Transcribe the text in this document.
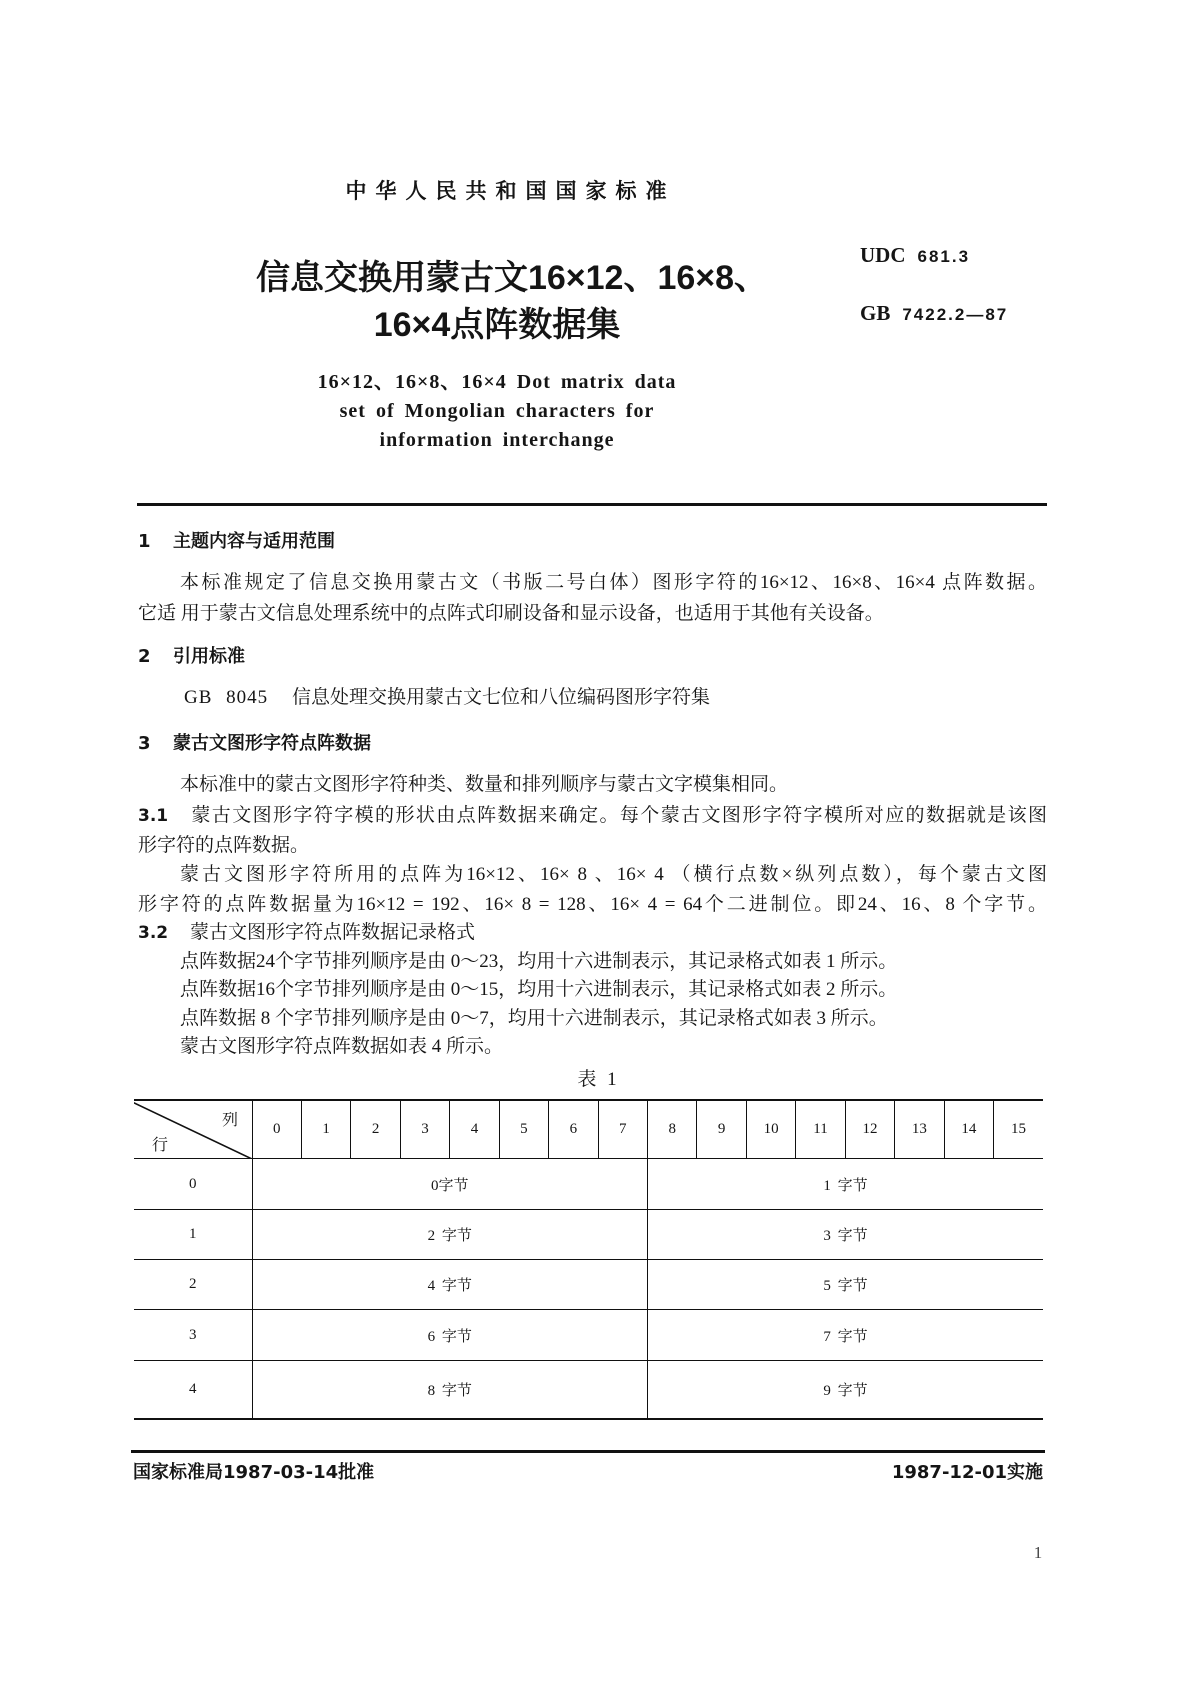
中华人民共和国国家标准
信息交换用蒙古文16×12、16×8、
16×4点阵数据集
UDC 681.3
GB 7422.2—87
16×12、16×8、16×4 Dot matrix data
set of Mongolian characters for
information interchange
1 主题内容与适用范围
本标准规定了信息交换用蒙古文（书版二号白体）图形字符的16×12、16×8、16×4 点阵数据。
它适 用于蒙古文信息处理系统中的点阵式印刷设备和显示设备，也适用于其他有关设备。
2 引用标准
GB 8045 信息处理交换用蒙古文七位和八位编码图形字符集
3 蒙古文图形字符点阵数据
本标准中的蒙古文图形字符种类、数量和排列顺序与蒙古文字模集相同。
3.1 蒙古文图形字符字模的形状由点阵数据来确定。每个蒙古文图形字符字模所对应的数据就是该图
形字符的点阵数据。
蒙古文图形字符所用的点阵为16×12、16× 8 、16× 4 （横行点数×纵列点数），每个蒙古文图
形字符的点阵数据量为16×12 = 192、16× 8 = 128、16× 4 = 64个二进制位。即24、16、8 个字节。
3.2 蒙古文图形字符点阵数据记录格式
点阵数据24个字节排列顺序是由 0～23，均用十六进制表示，其记录格式如表 1 所示。
点阵数据16个字节排列顺序是由 0～15，均用十六进制表示，其记录格式如表 2 所示。
点阵数据 8 个字节排列顺序是由 0～7，均用十六进制表示，其记录格式如表 3 所示。
蒙古文图形字符点阵数据如表 4 所示。
表 1
列
行	0	1	2	3	4	5	6	7	8	9	10	11	12	13	14	15
0	0字节								1 字节							
1	2 字节								3 字节							
2	4 字节								5 字节							
3	6 字节								7 字节							
4	8 字节								9 字节							
国家标准局1987-03-14批准	1987-12-01实施
1
